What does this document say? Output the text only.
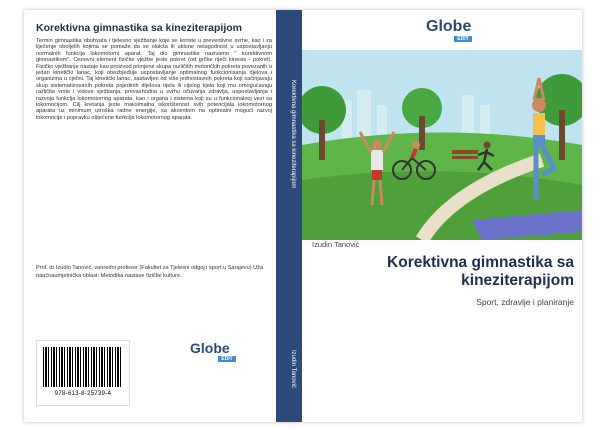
Korektivna gimnastika sa kineziterapijom
Termin gimnastika obuhvata i tjelesno vježbanje koje se koriste u preventivne svrhe, kao i za liječenje oboljelih kojima se pomaže da se olakša ili uklone nelagodnost u uspostavljanju normalnih funkcija lokomotorni aparat. Taj dio gimnastike nazivamo " korektivnom gimnastikom". Osnovni element fizičke vježbe jeste pokret (od grčke riječi kinesis - pokret). Fizičko vježbanje nastaje kao proizvod primjene skupa različitih motoričkih pokreta povezanih u jedan kinetički lanac, koji obezbjeđuje uspostavljanje optimalnog funkcionisanja djelova i organizma u cjelini. Taj kinetički lanac, sastavljen od više jednostavnih pokreta koji sačinjavaju skup sistematizovanih pokreta pojedinih dijelova tijela ili cijelog tijela koji mu omogućavaju različite vrste i vidove vježbanja, prevashodno u svrhu očuvanja zdravlja, uspostavljanja i razvoja funkcija lokomotornog aparata, kao i organa i sistema koji su u funkcionalnoj vezi sa lokomocijom. Cilj kretanja jeste maksimalna iskorištenost svih potencijala lokomotornog aparata uz minimum utroška radne energije, sa akcentom na optimalni mogući razvoj lokomocije i popravku oštećene funkcije lokomotornog aparata.
Prof. dr Izudin Tanović, vanredni profesor (Fakultet za Tjelesni odgoj i sport u Sarajevu) Uža naučnaumjetnička oblast: Metodika nastave fizičke kulture.
978-613-8-25739-4
Globe
EDIT
Korektivna gimnastika sa kineziterapijom
Izudin Tanović
Globe
EDIT
Izudin Tanović
Korektivna gimnastika sa kineziterapijom
Sport, zdravlje i planiranje
